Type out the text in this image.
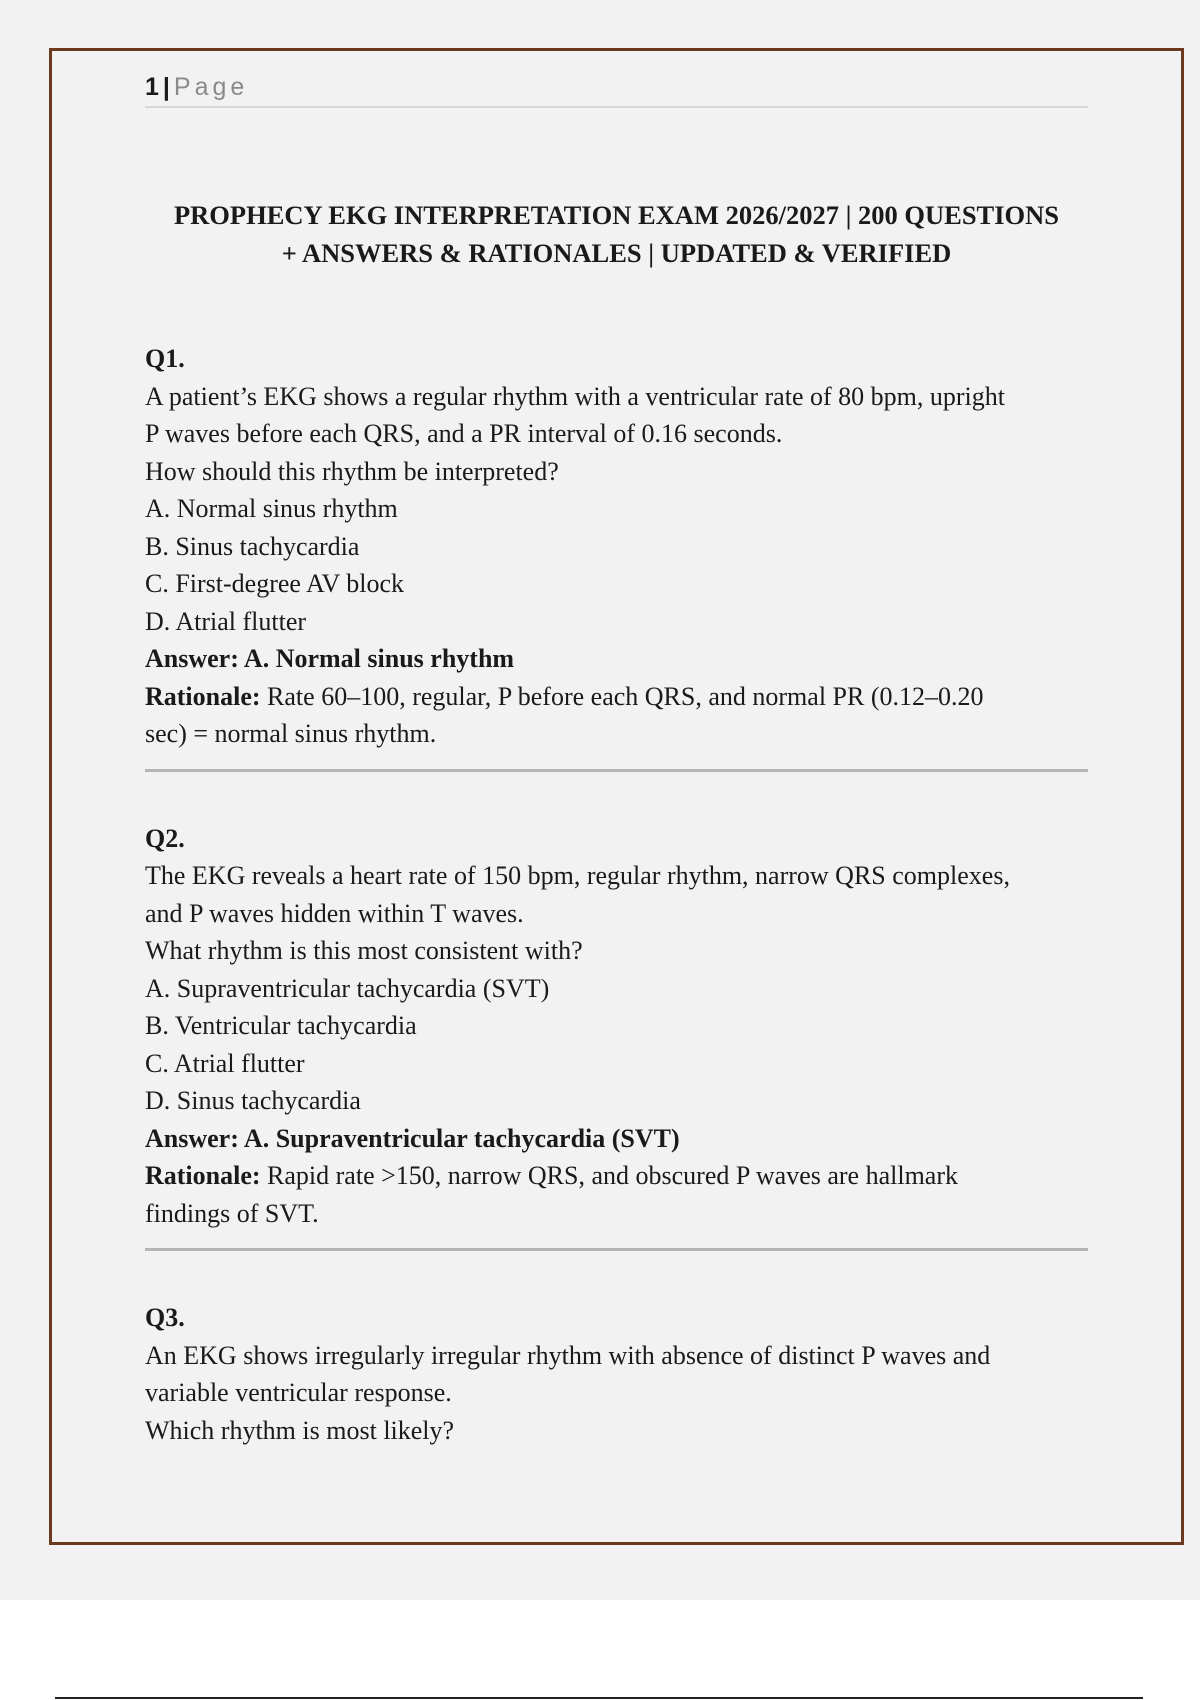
1 | Page
PROPHECY EKG INTERPRETATION EXAM 2026/2027 | 200 QUESTIONS
+ ANSWERS & RATIONALES | UPDATED & VERIFIED

Q1.

A patient’s EKG shows a regular rhythm with a ventricular rate of 80 bpm, upright

P waves before each QRS, and a PR interval of 0.16 seconds.

How should this rhythm be interpreted?

A. Normal sinus rhythm

B. Sinus tachycardia

C. First-degree AV block

D. Atrial flutter

Answer: A. Normal sinus rhythm

Rationale: Rate 60–100, regular, P before each QRS, and normal PR (0.12–0.20

sec) = normal sinus rhythm.

Q2.

The EKG reveals a heart rate of 150 bpm, regular rhythm, narrow QRS complexes,

and P waves hidden within T waves.

What rhythm is this most consistent with?

A. Supraventricular tachycardia (SVT)

B. Ventricular tachycardia

C. Atrial flutter

D. Sinus tachycardia

Answer: A. Supraventricular tachycardia (SVT)

Rationale: Rapid rate >150, narrow QRS, and obscured P waves are hallmark

findings of SVT.

Q3.

An EKG shows irregularly irregular rhythm with absence of distinct P waves and

variable ventricular response.

Which rhythm is most likely?
